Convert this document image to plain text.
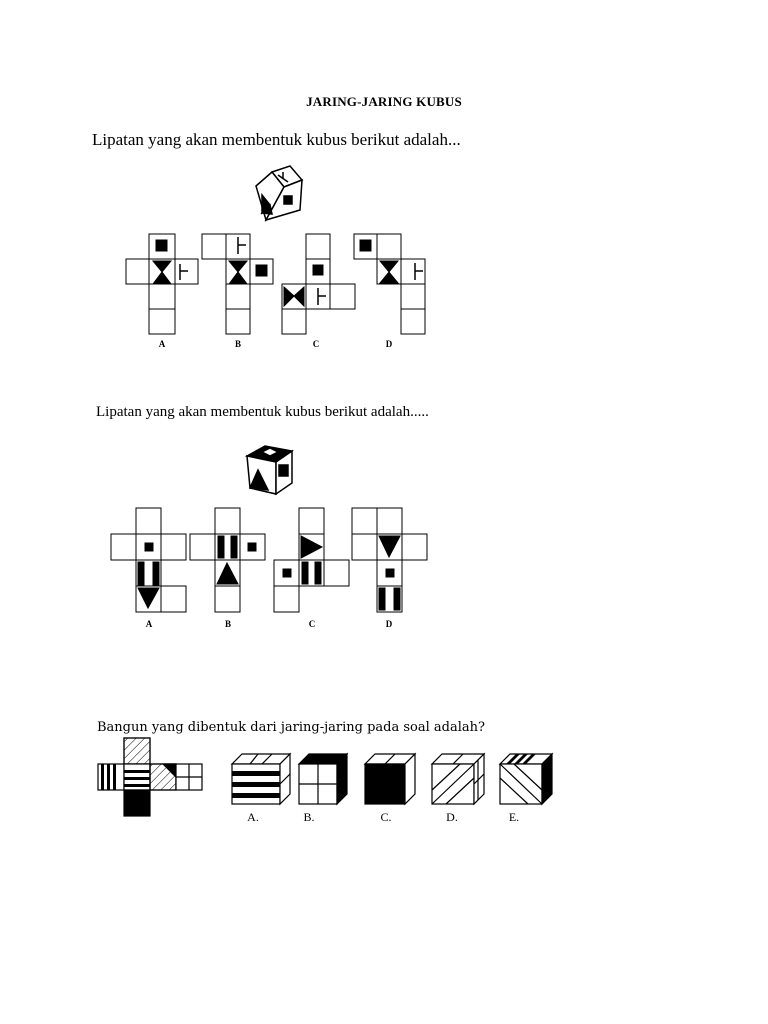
JARING-JARING KUBUS
Lipatan yang akan membentuk kubus berikut adalah...
Lipatan yang akan membentuk kubus berikut adalah.....
Bangun yang dibentuk dari jaring-jaring pada soal adalah?
A	B	C	D
A	B	C	D
A.	B.	C.	D.	E.
